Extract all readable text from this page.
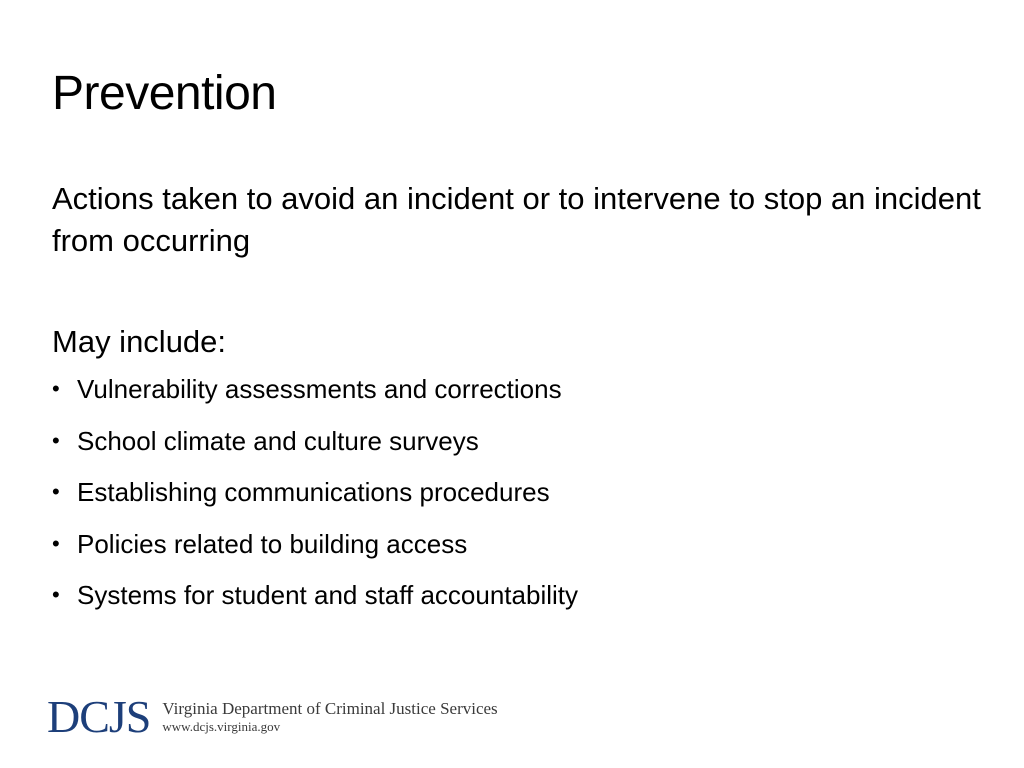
Prevention

Actions taken to avoid an incident or to intervene to stop an incident from occurring

May include:

• Vulnerability assessments and corrections
• School climate and culture surveys
• Establishing communications procedures
• Policies related to building access
• Systems for student and staff accountability
DCJS Virginia Department of Criminal Justice Services
www.dcjs.virginia.gov
